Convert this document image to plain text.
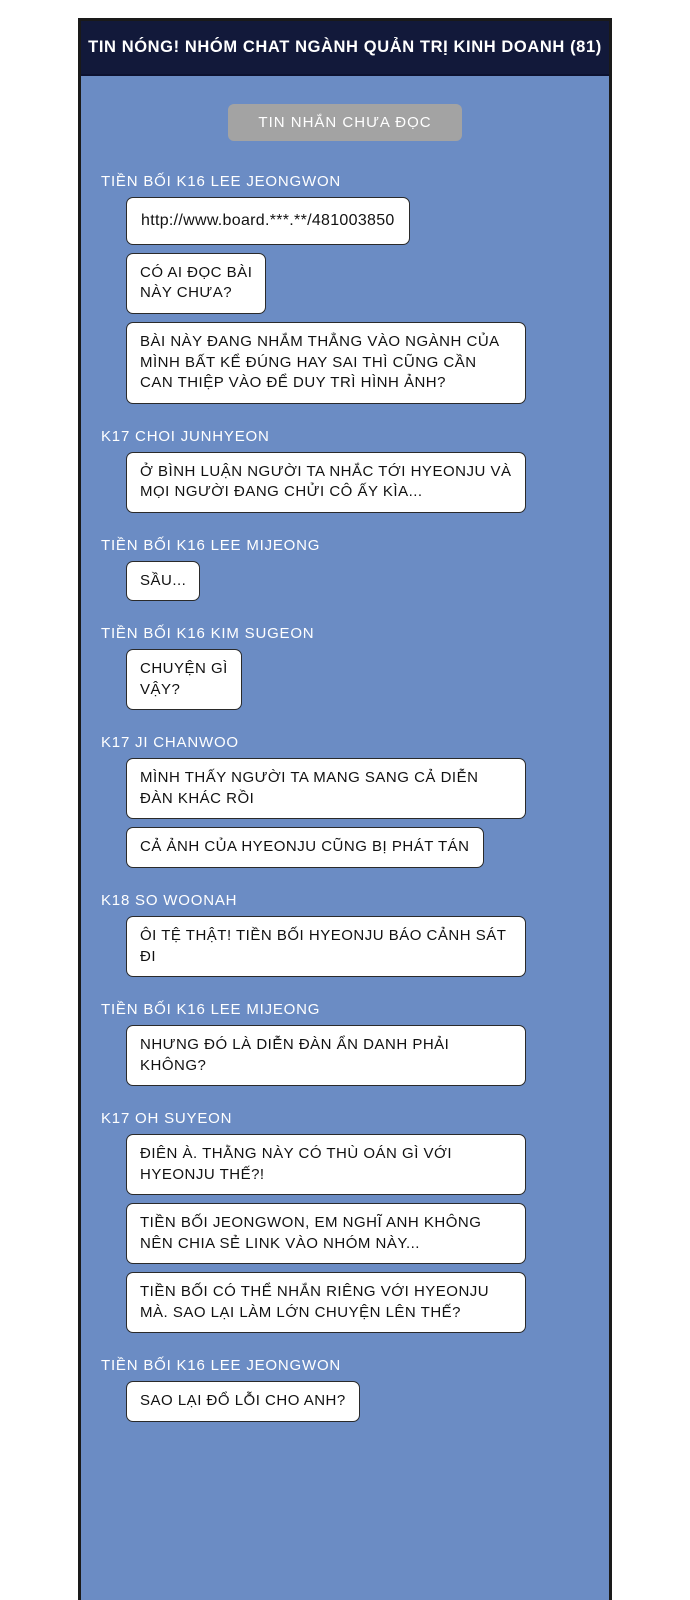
TIN NÓNG! NHÓM CHAT NGÀNH QUẢN TRỊ KINH DOANH (81)
TIN NHẮN CHƯA ĐỌC
TIỀN BỐI K16 LEE JEONGWON
http://www.board.***.**/481003850
CÓ AI ĐỌC BÀI
NÀY CHƯA?
BÀI NÀY ĐANG NHẮM THẲNG VÀO NGÀNH CỦA MÌNH BẤT KỂ ĐÚNG HAY SAI THÌ CŨNG CẦN CAN THIỆP VÀO ĐỂ DUY TRÌ HÌNH ẢNH?
K17 CHOI JUNHYEON
Ở BÌNH LUẬN NGƯỜI TA NHẮC TỚI HYEONJU VÀ MỌI NGƯỜI ĐANG CHỬI CÔ ẤY KÌA...
TIỀN BỐI K16 LEE MIJEONG
SẦU...
TIỀN BỐI K16 KIM SUGEON
CHUYỆN GÌ
VẬY?
K17 JI CHANWOO
MÌNH THẤY NGƯỜI TA MANG SANG CẢ DIỄN ĐÀN KHÁC RỒI
CẢ ẢNH CỦA HYEONJU CŨNG BỊ PHÁT TÁN
K18 SO WOONAH
ÔI TỆ THẬT! TIỀN BỐI HYEONJU BÁO CẢNH SÁT ĐI
TIỀN BỐI K16 LEE MIJEONG
NHƯNG ĐÓ LÀ DIỄN ĐÀN ẨN DANH PHẢI KHÔNG?
K17 OH SUYEON
ĐIÊN À. THẰNG NÀY CÓ THÙ OÁN GÌ VỚI HYEONJU THẾ?!
TIỀN BỐI JEONGWON, EM NGHĨ ANH KHÔNG NÊN CHIA SẺ LINK VÀO NHÓM NÀY...
TIỀN BỐI CÓ THỂ NHẮN RIÊNG VỚI HYEONJU MÀ. SAO LẠI LÀM LỚN CHUYỆN LÊN THẾ?
TIỀN BỐI K16 LEE JEONGWON
SAO LẠI ĐỔ LỖI CHO ANH?
